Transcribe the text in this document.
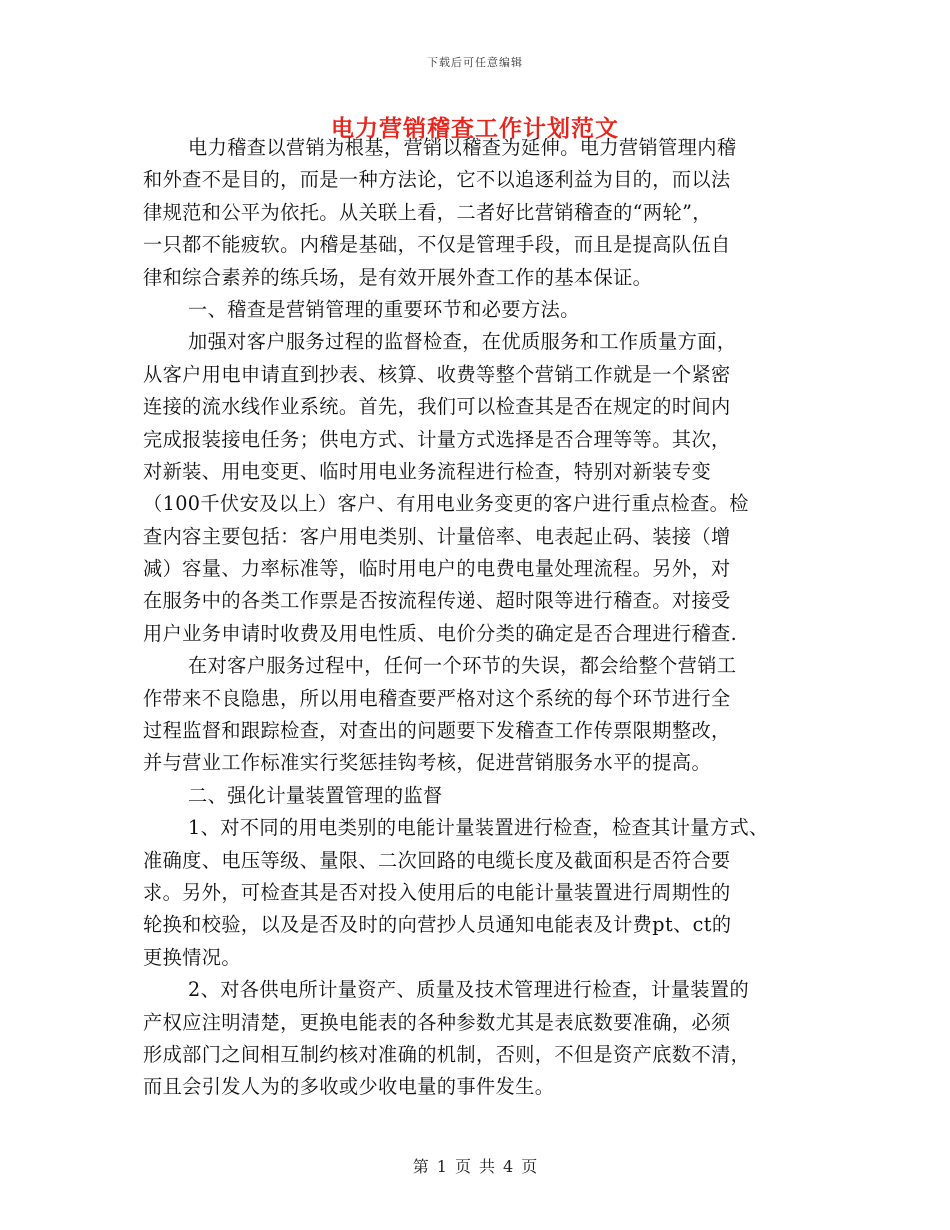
下载后可任意编辑
电力营销稽查工作计划范文
电力稽查以营销为根基，营销以稽查为延伸。电力营销管理内稽
和外查不是目的，而是一种方法论，它不以追逐利益为目的，而以法
律规范和公平为依托。从关联上看，二者好比营销稽查的“两轮”，
一只都不能疲软。内稽是基础，不仅是管理手段，而且是提高队伍自
律和综合素养的练兵场，是有效开展外查工作的基本保证。
一、稽查是营销管理的重要环节和必要方法。
加强对客户服务过程的监督检查，在优质服务和工作质量方面，
从客户用电申请直到抄表、核算、收费等整个营销工作就是一个紧密
连接的流水线作业系统。首先，我们可以检查其是否在规定的时间内
完成报装接电任务；供电方式、计量方式选择是否合理等等。其次，
对新装、用电变更、临时用电业务流程进行检查，特别对新装专变
（100千伏安及以上）客户、有用电业务变更的客户进行重点检查。检
查内容主要包括：客户用电类别、计量倍率、电表起止码、装接（增
减）容量、力率标准等，临时用电户的电费电量处理流程。另外，对
在服务中的各类工作票是否按流程传递、超时限等进行稽查。对接受
用户业务申请时收费及用电性质、电价分类的确定是否合理进行稽查.
在对客户服务过程中，任何一个环节的失误，都会给整个营销工
作带来不良隐患，所以用电稽查要严格对这个系统的每个环节进行全
过程监督和跟踪检查，对查出的问题要下发稽查工作传票限期整改，
并与营业工作标准实行奖惩挂钩考核，促进营销服务水平的提高。
二、强化计量装置管理的监督
1、对不同的用电类别的电能计量装置进行检查，检查其计量方式、
准确度、电压等级、量限、二次回路的电缆长度及截面积是否符合要
求。另外，可检查其是否对投入使用后的电能计量装置进行周期性的
轮换和校验，以及是否及时的向营抄人员通知电能表及计费pt、ct的
更换情况。
2、对各供电所计量资产、质量及技术管理进行检查，计量装置的
产权应注明清楚，更换电能表的各种参数尤其是表底数要准确，必须
形成部门之间相互制约核对准确的机制，否则，不但是资产底数不清，
而且会引发人为的多收或少收电量的事件发生。
第 1 页 共 4 页
